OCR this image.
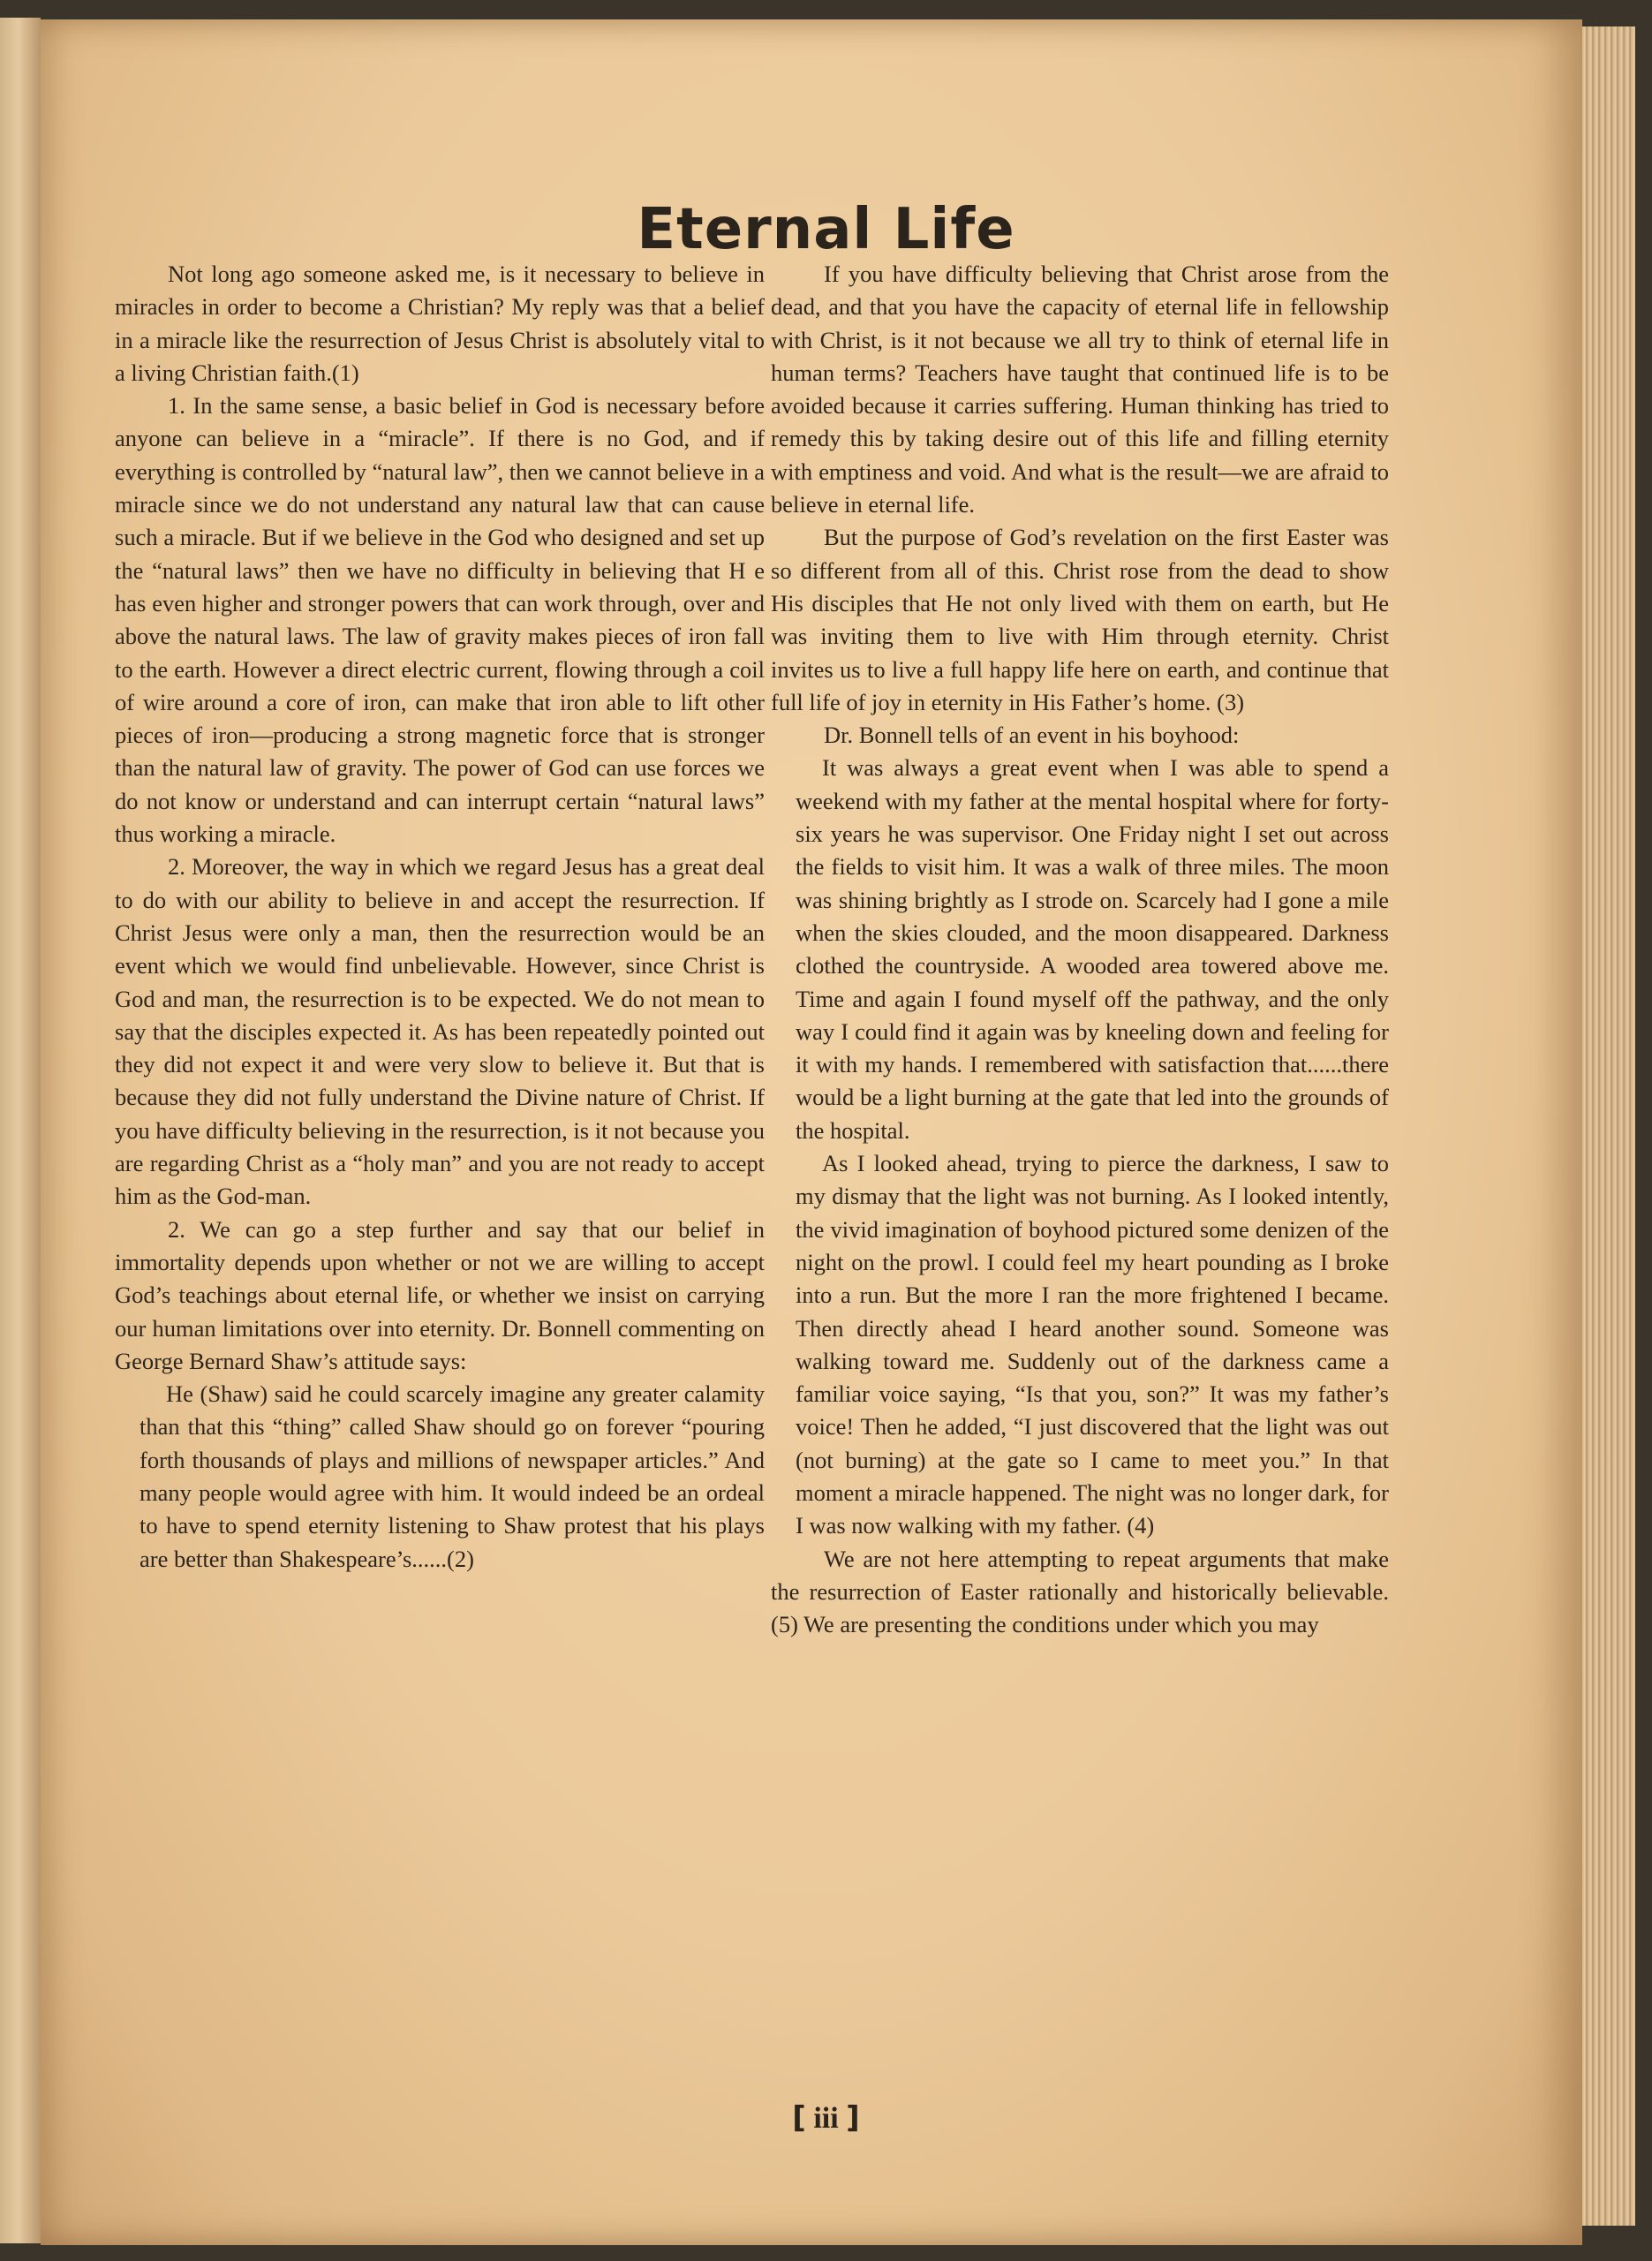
Eternal Life

Not long ago someone asked me, is it necessary to believe in miracles in order to become a Christian? My reply was that a belief in a miracle like the resurrection of Jesus Christ is absolutely vital to a living Christian faith.(1)

1. In the same sense, a basic belief in God is necessary before anyone can believe in a “miracle”. If there is no God, and if everything is controlled by “natural law”, then we cannot believe in a miracle since we do not understand any natural law that can cause such a miracle. But if we believe in the God who designed and set up the “natural laws” then we have no difficulty in believing that H e has even higher and stronger powers that can work through, over and above the natural laws. The law of gravity makes pieces of iron fall to the earth. However a direct electric current, flowing through a coil of wire around a core of iron, can make that iron able to lift other pieces of iron—producing a strong magnetic force that is stronger than the natural law of gravity. The power of God can use forces we do not know or understand and can interrupt certain “natural laws” thus working a miracle.

2. Moreover, the way in which we regard Jesus has a great deal to do with our ability to believe in and accept the resurrection. If Christ Jesus were only a man, then the resurrection would be an event which we would find unbelievable. However, since Christ is God and man, the resurrection is to be expected. We do not mean to say that the disciples expected it. As has been repeatedly pointed out they did not expect it and were very slow to believe it. But that is because they did not fully understand the Divine nature of Christ. If you have difficulty believing in the resurrection, is it not because you are regarding Christ as a “holy man” and you are not ready to accept him as the God-man.

2. We can go a step further and say that our belief in immortality depends upon whether or not we are willing to accept God’s teachings about eternal life, or whether we insist on carrying our human limitations over into eternity. Dr. Bonnell commenting on George Bernard Shaw’s attitude says:

He (Shaw) said he could scarcely imagine any greater calamity than that this “thing” called Shaw should go on forever “pouring forth thousands of plays and millions of newspaper articles.” And many people would agree with him. It would indeed be an ordeal to have to spend eternity listening to Shaw protest that his plays are better than Shakespeare’s......(2)

If you have difficulty believing that Christ arose from the dead, and that you have the capacity of eternal life in fellowship with Christ, is it not because we all try to think of eternal life in human terms? Teachers have taught that continued life is to be avoided because it carries suffering. Human thinking has tried to remedy this by taking desire out of this life and filling eternity with emptiness and void. And what is the result—we are afraid to believe in eternal life.

But the purpose of God’s revelation on the first Easter was so different from all of this. Christ rose from the dead to show His disciples that He not only lived with them on earth, but He was inviting them to live with Him through eternity. Christ invites us to live a full happy life here on earth, and continue that full life of joy in eternity in His Father’s home. (3)

Dr. Bonnell tells of an event in his boyhood:

It was always a great event when I was able to spend a weekend with my father at the mental hospital where for forty-six years he was supervisor. One Friday night I set out across the fields to visit him. It was a walk of three miles. The moon was shining brightly as I strode on. Scarcely had I gone a mile when the skies clouded, and the moon disappeared. Darkness clothed the countryside. A wooded area towered above me. Time and again I found myself off the pathway, and the only way I could find it again was by kneeling down and feeling for it with my hands. I remembered with satisfaction that......there would be a light burning at the gate that led into the grounds of the hospital.

As I looked ahead, trying to pierce the darkness, I saw to my dismay that the light was not burning. As I looked intently, the vivid imagination of boyhood pictured some denizen of the night on the prowl. I could feel my heart pounding as I broke into a run. But the more I ran the more frightened I became. Then directly ahead I heard another sound. Someone was walking toward me. Suddenly out of the darkness came a familiar voice saying, “Is that you, son?” It was my father’s voice! Then he added, “I just discovered that the light was out (not burning) at the gate so I came to meet you.” In that moment a miracle happened. The night was no longer dark, for I was now walking with my father. (4)

We are not here attempting to repeat arguments that make the resurrection of Easter rationally and historically believable. (5) We are presenting the conditions under which you may

[ iii ]
